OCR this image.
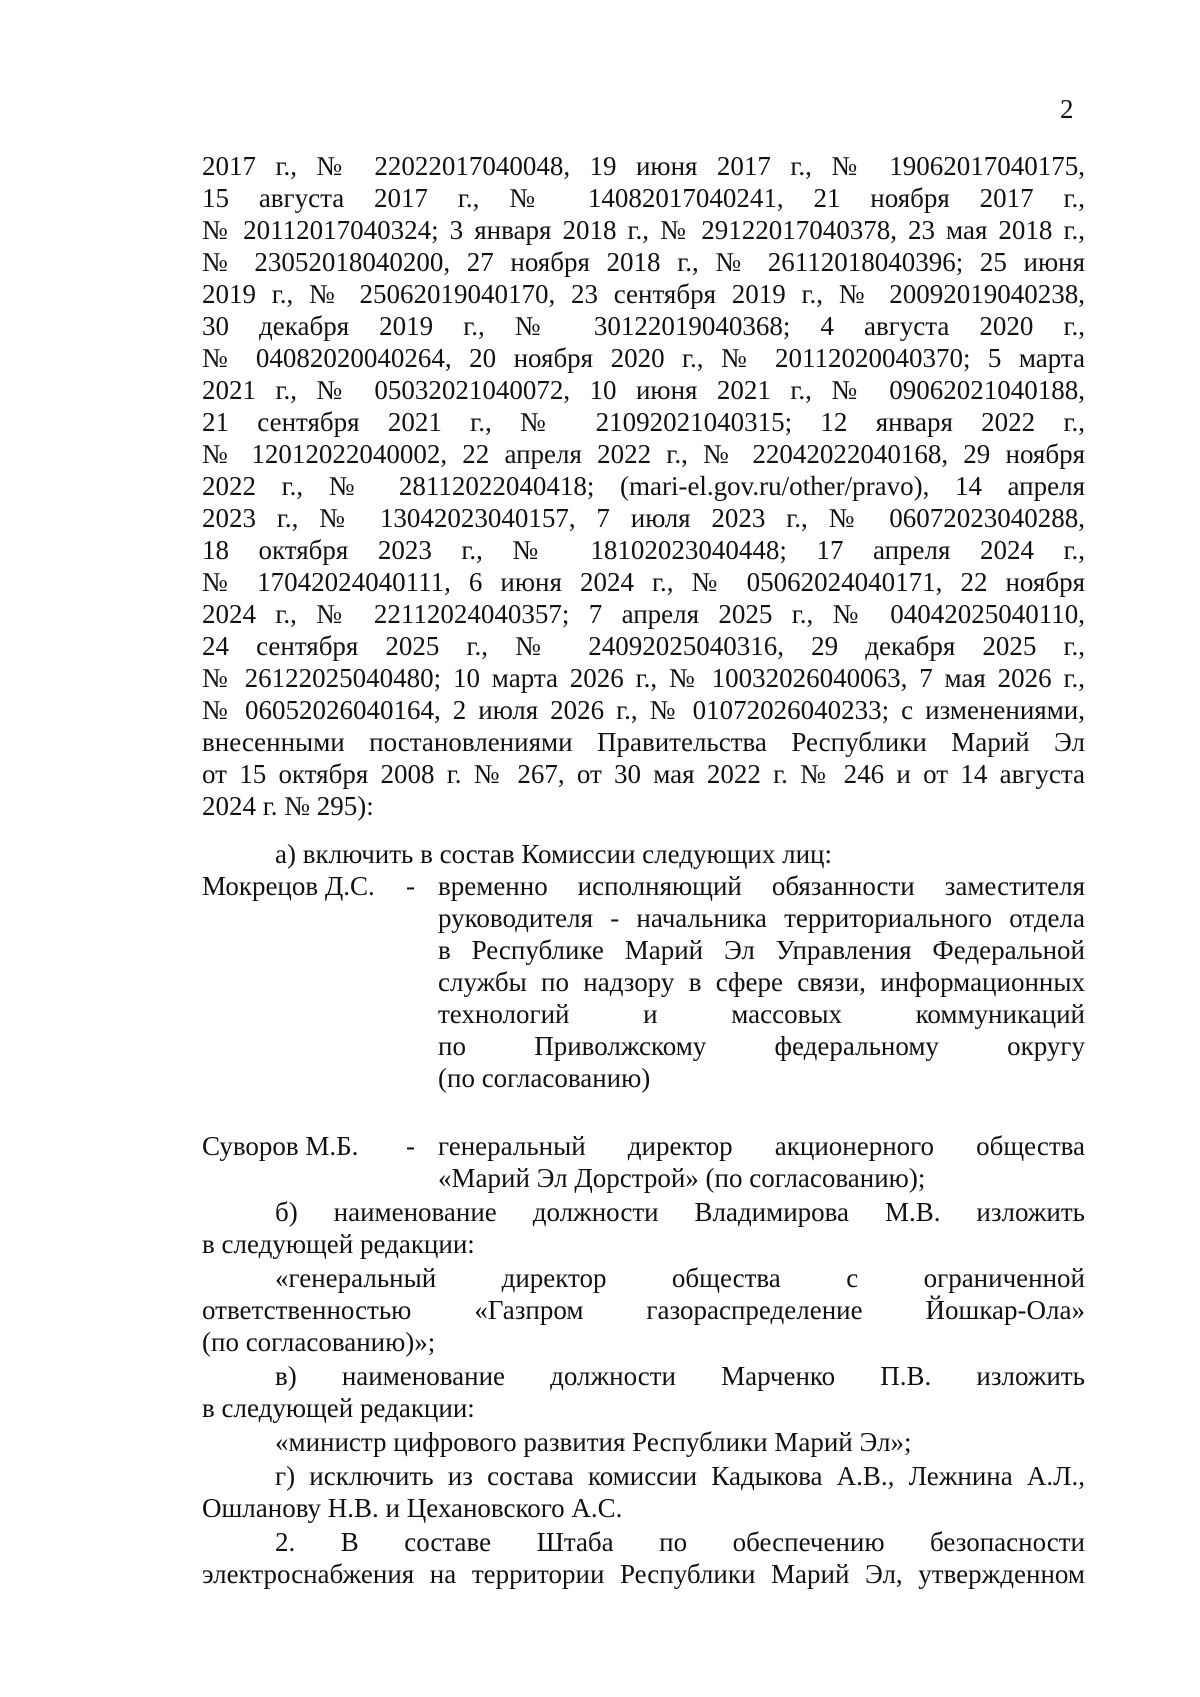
2
2017 г., № 22022017040048, 19 июня 2017 г., № 19062017040175,
15 августа 2017 г., № 14082017040241, 21 ноября 2017 г.,
№ 20112017040324; 3 января 2018 г., № 29122017040378, 23 мая 2018 г.,
№ 23052018040200, 27 ноября 2018 г., № 26112018040396; 25 июня
2019 г., № 25062019040170, 23 сентября 2019 г., № 20092019040238,
30 декабря 2019 г., № 30122019040368; 4 августа 2020 г.,
№ 04082020040264, 20 ноября 2020 г., № 20112020040370; 5 марта
2021 г., № 05032021040072, 10 июня 2021 г., № 09062021040188,
21 сентября 2021 г., № 21092021040315; 12 января 2022 г.,
№ 12012022040002, 22 апреля 2022 г., № 22042022040168, 29 ноября
2022 г., № 28112022040418; (mari-el.gov.ru/other/pravo), 14 апреля
2023 г., № 13042023040157, 7 июля 2023 г., № 06072023040288,
18 октября 2023 г., № 18102023040448; 17 апреля 2024 г.,
№ 17042024040111, 6 июня 2024 г., № 05062024040171, 22 ноября
2024 г., № 22112024040357; 7 апреля 2025 г., № 04042025040110,
24 сентября 2025 г., № 24092025040316, 29 декабря 2025 г.,
№ 26122025040480; 10 марта 2026 г., № 10032026040063, 7 мая 2026 г.,
№ 06052026040164, 2 июля 2026 г., № 01072026040233; с изменениями,
внесенными постановлениями Правительства Республики Марий Эл
от 15 октября 2008 г. № 267, от 30 мая 2022 г. № 246 и от 14 августа
2024 г. № 295):
а) включить в состав Комиссии следующих лиц:
Мокрецов Д.С. - временно исполняющий обязанности заместителя
руководителя - начальника территориального отдела
в Республике Марий Эл Управления Федеральной
службы по надзору в сфере связи, информационных
технологий и массовых коммуникаций
по Приволжскому федеральному округу
(по согласованию)
Суворов М.Б. - генеральный директор акционерного общества
«Марий Эл Дорстрой» (по согласованию);
б) наименование должности Владимирова М.В. изложить
в следующей редакции:
«генеральный директор общества с ограниченной
ответственностью «Газпром газораспределение Йошкар-Ола»
(по согласованию)»;
в) наименование должности Марченко П.В. изложить
в следующей редакции:
«министр цифрового развития Республики Марий Эл»;
г) исключить из состава комиссии Кадыкова А.В., Лежнина А.Л.,
Ошланову Н.В. и Цехановского А.С.
2. В составе Штаба по обеспечению безопасности
электроснабжения на территории Республики Марий Эл, утвержденном
